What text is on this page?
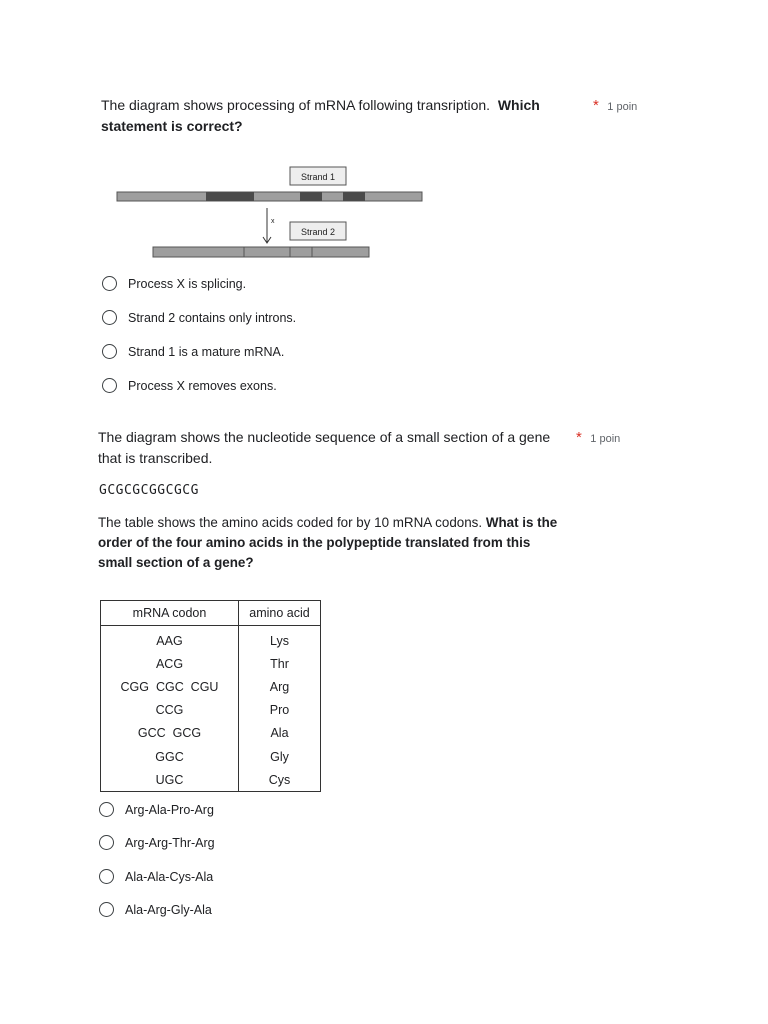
The diagram shows processing of mRNA following transription. Which statement is correct?
* 1 poin
Strand 1
x
Strand 2
Process X is splicing.
Strand 2 contains only introns.
Strand 1 is a mature mRNA.
Process X removes exons.
The diagram shows the nucleotide sequence of a small section of a gene that is transcribed.
* 1 poin
GCGCGCGGCGCG
The table shows the amino acids coded for by 10 mRNA codons. What is the order of the four amino acids in the polypeptide translated from this small section of a gene?
mRNA codon	amino acid
AAG	Lys
ACG	Thr
CGG  CGC  CGU	Arg
CCG	Pro
GCC  GCG	Ala
GGC	Gly
UGC	Cys
Arg-Ala-Pro-Arg
Arg-Arg-Thr-Arg
Ala-Ala-Cys-Ala
Ala-Arg-Gly-Ala
